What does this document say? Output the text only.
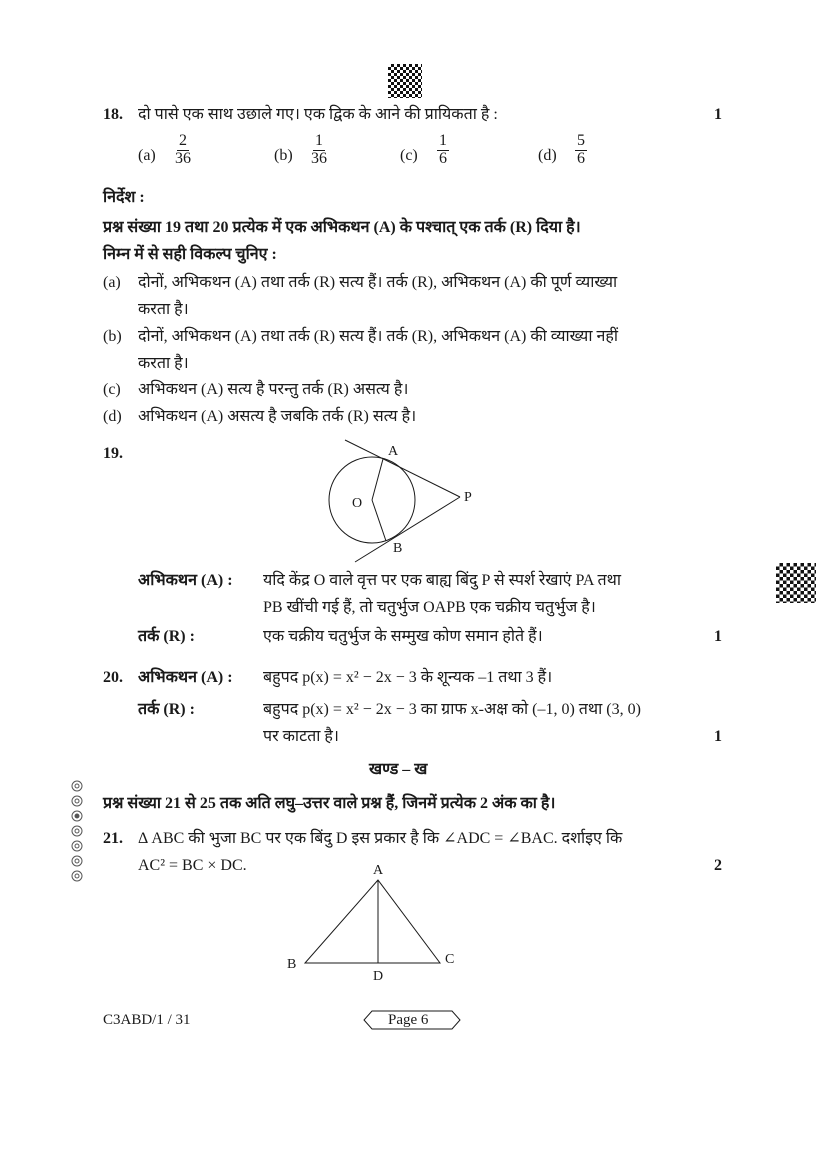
18. दो पासे एक साथ उछाले गए। एक द्विक के आने की प्रायिकता है :	1
$(a) \frac{2}{36}$	$(b) \frac{1}{36}$	$(c) \frac{1}{6}$	$(d) \frac{5}{6}$
निर्देश :
प्रश्न संख्या 19 तथा 20 प्रत्येक में एक अभिकथन (A) के पश्चात् एक तर्क (R) दिया है।
निम्न में से सही विकल्प चुनिए :
(a) दोनों, अभिकथन (A) तथा तर्क (R) सत्य हैं। तर्क (R), अभिकथन (A) की पूर्ण व्याख्या
करता है।
(b) दोनों, अभिकथन (A) तथा तर्क (R) सत्य हैं। तर्क (R), अभिकथन (A) की व्याख्या नहीं
करता है।
(c) अभिकथन (A) सत्य है परन्तु तर्क (R) असत्य है।
(d) अभिकथन (A) असत्य है जबकि तर्क (R) सत्य है।
19.	A
O	P
B
अभिकथन (A) : यदि केंद्र O वाले वृत्त पर एक बाह्य बिंदु P से स्पर्श रेखाएं PA तथा
PB खींची गई हैं, तो चतुर्भुज OAPB एक चक्रीय चतुर्भुज है।
तर्क (R) :	एक चक्रीय चतुर्भुज के सम्मुख कोण समान होते हैं।	1
20. अभिकथन (A) : बहुपद p(x) = x² − 2x − 3 के शून्यक –1 तथा 3 हैं।
तर्क (R) :	बहुपद p(x) = x² − 2x − 3 का ग्राफ x-अक्ष को (–1, 0) तथा (3, 0)
पर काटता है।	1
खण्ड – ख
प्रश्न संख्या 21 से 25 तक अति लघु–उत्तर वाले प्रश्न हैं, जिनमें प्रत्येक 2 अंक का है।
21. Δ ABC की भुजा BC पर एक बिंदु D इस प्रकार है कि ∠ADC = ∠BAC. दर्शाइए कि
AC² = BC × DC.	2
A
B	C
D
C3ABD/1 / 31	Page 6
